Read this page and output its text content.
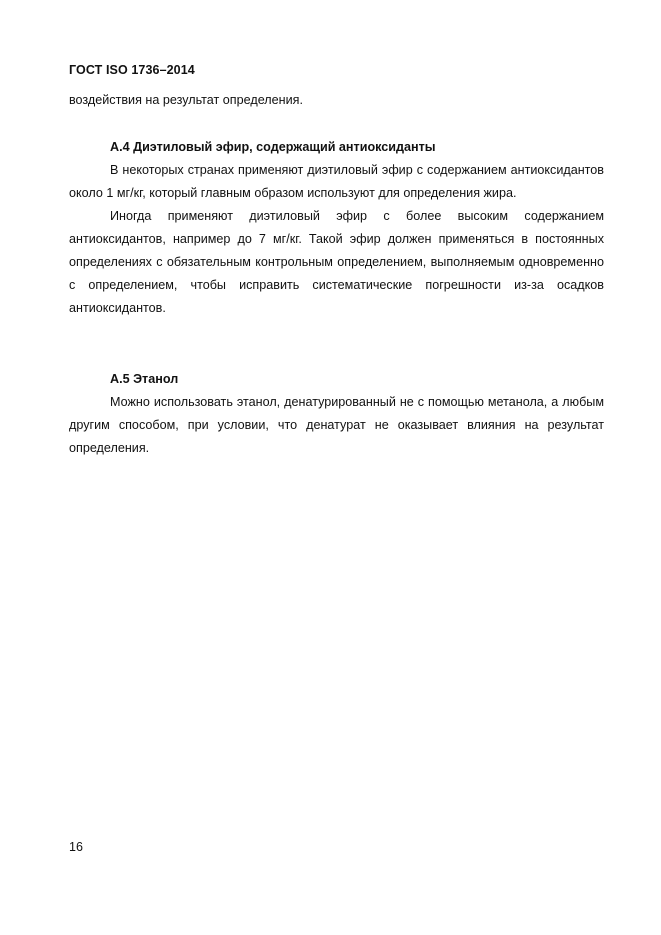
ГОСТ ISO 1736–2014

воздействия на результат определения.

А.4 Диэтиловый эфир, содержащий антиоксиданты

В некоторых странах применяют диэтиловый эфир с содержанием антиоксидантов около 1 мг/кг, который главным образом используют для определения жира.

Иногда применяют диэтиловый эфир с более высоким содержанием антиоксидантов, например до 7 мг/кг. Такой эфир должен применяться в постоянных определениях с обязательным контрольным определением, выполняемым одновременно с определением, чтобы исправить систематические погрешности из-за осадков антиоксидантов.

А.5 Этанол

Можно использовать этанол, денатурированный не с помощью метанола, а любым другим способом, при условии, что денатурат не оказывает влияния на результат определения.

16
